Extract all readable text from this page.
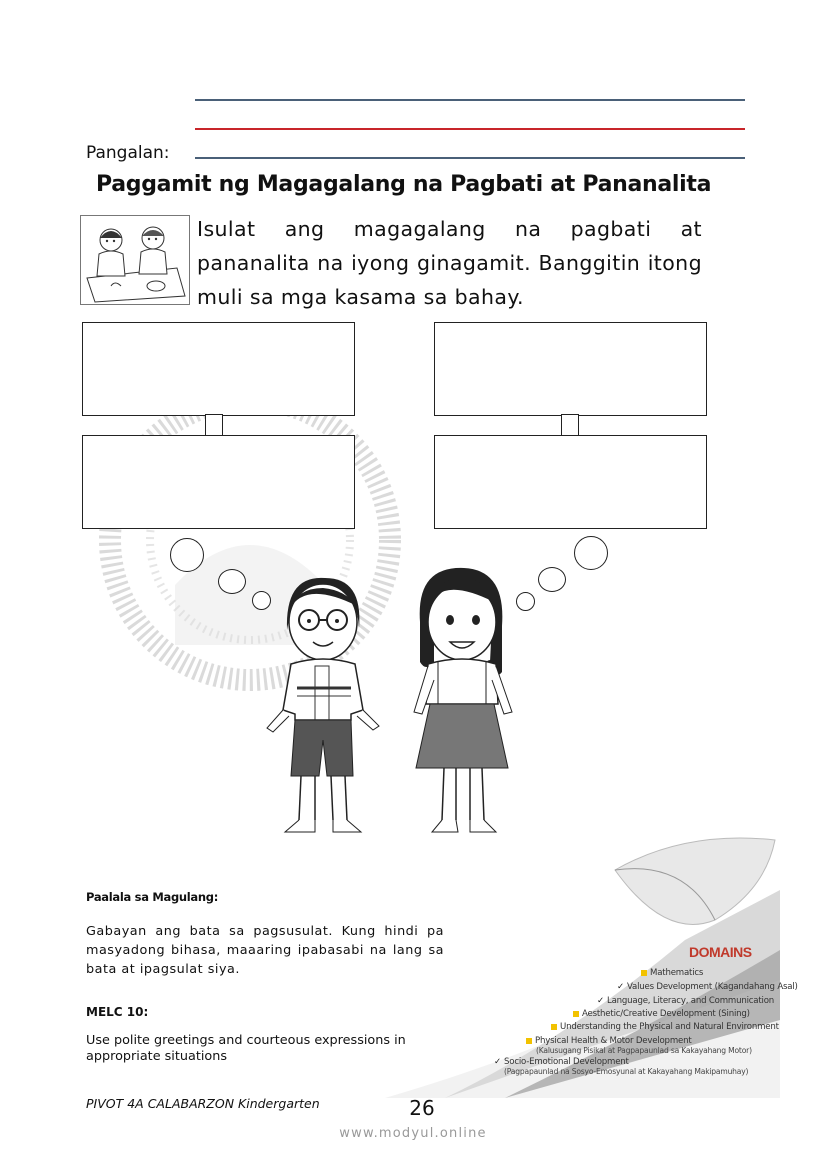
Pangalan:
Paggamit ng Magagalang na Pagbati at Pananalita
Isulat ang magagalang na pagbati at pananalita na iyong ginagamit. Banggitin itong muli sa mga kasama sa bahay.
DOMAINS
Mathematics
✓ Values Development (Kagandahang Asal)
✓ Language, Literacy, and Communication
Aesthetic/Creative Development (Sining)
Understanding the Physical and Natural Environment
Physical Health & Motor Development
(Kalusugang Pisikal at Pagpapaunlad sa Kakayahang Motor)
✓ Socio-Emotional Development
(Pagpapaunlad na Sosyo-Emosyunal at Kakayahang Makipamuhay)
Paalala sa Magulang:
Gabayan ang bata sa pagsusulat. Kung hindi pa masyadong bihasa, maaaring ipabasabi na lang sa bata at ipagsulat siya.
MELC 10:
Use polite greetings and courteous expressions in appropriate situations
PIVOT 4A CALABARZON Kindergarten	26
www.modyul.online
